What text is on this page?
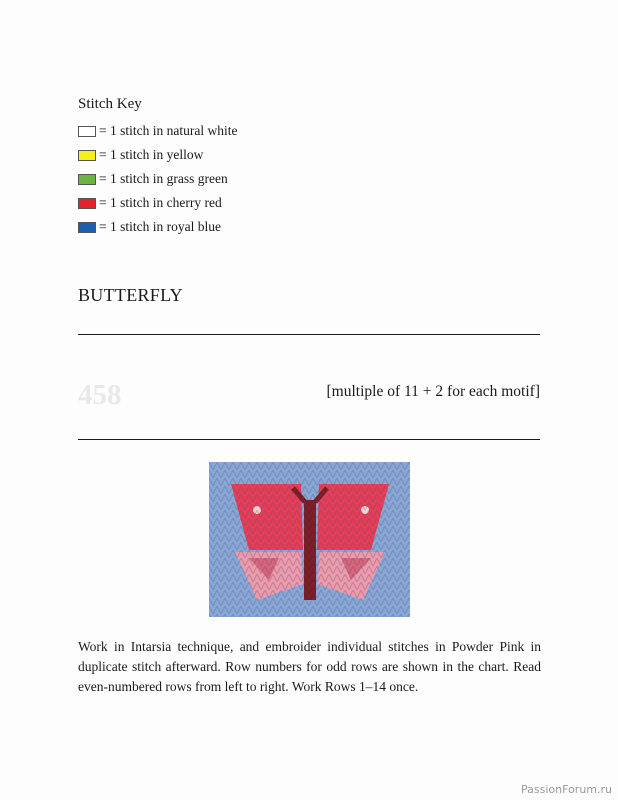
Stitch Key
= 1 stitch in natural white
= 1 stitch in yellow
= 1 stitch in grass green
= 1 stitch in cherry red
= 1 stitch in royal blue
BUTTERFLY
458	[multiple of 11 + 2 for each motif]
Work in Intarsia technique, and embroider individual stitches in Powder Pink in duplicate stitch afterward. Row numbers for odd rows are shown in the chart. Read even-numbered rows from left to right. Work Rows 1–14 once.
PassionForum.ru
